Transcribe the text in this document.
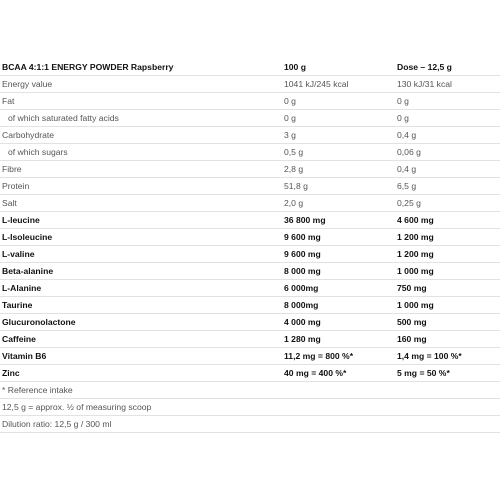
BCAA 4:1:1 ENERGY POWDER Rapsberry	100 g	Dose – 12,5 g
Energy value	1041 kJ/245 kcal	130 kJ/31 kcal
Fat	0 g	0 g
of which saturated fatty acids	0 g	0 g
Carbohydrate	3 g	0,4 g
of which sugars	0,5 g	0,06 g
Fibre	2,8 g	0,4 g
Protein	51,8 g	6,5 g
Salt	2,0 g	0,25 g
L-leucine	36 800 mg	4 600 mg
L-Isoleucine	9 600 mg	1 200 mg
L-valine	9 600 mg	1 200 mg
Beta-alanine	8 000 mg	1 000 mg
L-Alanine	6 000mg	750 mg
Taurine	8 000mg	1 000 mg
Glucuronolactone	4 000 mg	500 mg
Caffeine	1 280 mg	160 mg
Vitamin B6	11,2 mg = 800 %*	1,4 mg = 100 %*
Zinc	40 mg = 400 %*	5 mg = 50 %*
* Reference intake
12,5 g = approx. ½ of measuring scoop
Dilution ratio: 12,5 g / 300 ml
